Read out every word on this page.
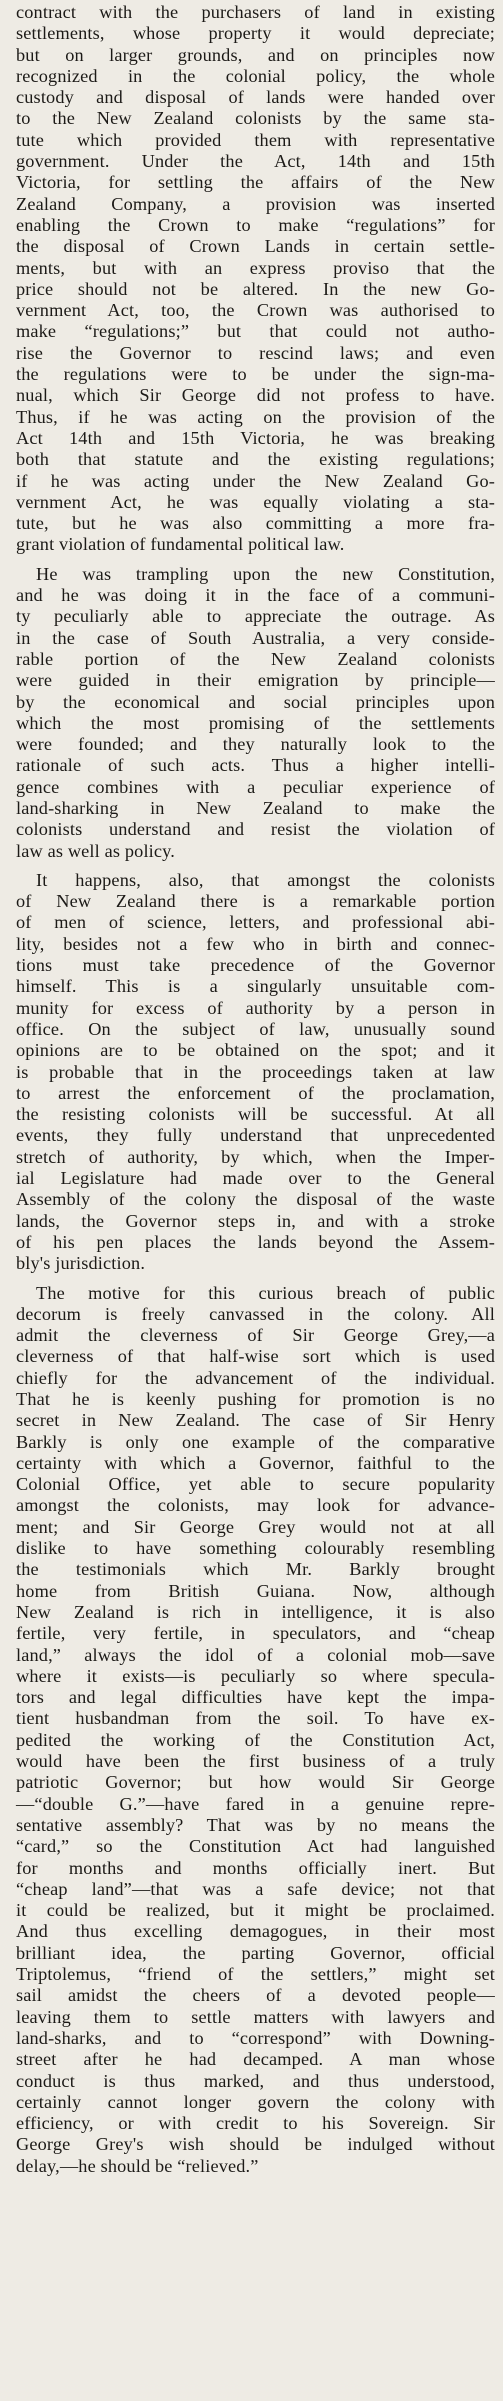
contract with the purchasers of land in existing
settlements, whose property it would depreciate;
but on larger grounds, and on principles now
recognized in the colonial policy, the whole
custody and disposal of lands were handed over
to the New Zealand colonists by the same sta-
tute which provided them with representative
government. Under the Act, 14th and 15th
Victoria, for settling the affairs of the New
Zealand Company, a provision was inserted
enabling the Crown to make “regulations” for
the disposal of Crown Lands in certain settle-
ments, but with an express proviso that the
price should not be altered. In the new Go-
vernment Act, too, the Crown was authorised to
make “regulations;” but that could not autho-
rise the Governor to rescind laws; and even
the regulations were to be under the sign-ma-
nual, which Sir George did not profess to have.
Thus, if he was acting on the provision of the
Act 14th and 15th Victoria, he was breaking
both that statute and the existing regulations;
if he was acting under the New Zealand Go-
vernment Act, he was equally violating a sta-
tute, but he was also committing a more fra-
grant violation of fundamental political law.
He was trampling upon the new Constitution,
and he was doing it in the face of a communi-
ty peculiarly able to appreciate the outrage. As
in the case of South Australia, a very conside-
rable portion of the New Zealand colonists
were guided in their emigration by principle—
by the economical and social principles upon
which the most promising of the settlements
were founded; and they naturally look to the
rationale of such acts. Thus a higher intelli-
gence combines with a peculiar experience of
land-sharking in New Zealand to make the
colonists understand and resist the violation of
law as well as policy.
It happens, also, that amongst the colonists
of New Zealand there is a remarkable portion
of men of science, letters, and professional abi-
lity, besides not a few who in birth and connec-
tions must take precedence of the Governor
himself. This is a singularly unsuitable com-
munity for excess of authority by a person in
office. On the subject of law, unusually sound
opinions are to be obtained on the spot; and it
is probable that in the proceedings taken at law
to arrest the enforcement of the proclamation,
the resisting colonists will be successful. At all
events, they fully understand that unprecedented
stretch of authority, by which, when the Imper-
ial Legislature had made over to the General
Assembly of the colony the disposal of the waste
lands, the Governor steps in, and with a stroke
of his pen places the lands beyond the Assem-
bly's jurisdiction.
The motive for this curious breach of public
decorum is freely canvassed in the colony. All
admit the cleverness of Sir George Grey,—a
cleverness of that half-wise sort which is used
chiefly for the advancement of the individual.
That he is keenly pushing for promotion is no
secret in New Zealand. The case of Sir Henry
Barkly is only one example of the comparative
certainty with which a Governor, faithful to the
Colonial Office, yet able to secure popularity
amongst the colonists, may look for advance-
ment; and Sir George Grey would not at all
dislike to have something colourably resembling
the testimonials which Mr. Barkly brought
home from British Guiana. Now, although
New Zealand is rich in intelligence, it is also
fertile, very fertile, in speculators, and “cheap
land,” always the idol of a colonial mob—save
where it exists—is peculiarly so where specula-
tors and legal difficulties have kept the impa-
tient husbandman from the soil. To have ex-
pedited the working of the Constitution Act,
would have been the first business of a truly
patriotic Governor; but how would Sir George
—“double G.”—have fared in a genuine repre-
sentative assembly? That was by no means the
“card,” so the Constitution Act had languished
for months and months officially inert. But
“cheap land”—that was a safe device; not that
it could be realized, but it might be proclaimed.
And thus excelling demagogues, in their most
brilliant idea, the parting Governor, official
Triptolemus, “friend of the settlers,” might set
sail amidst the cheers of a devoted people—
leaving them to settle matters with lawyers and
land-sharks, and to “correspond” with Downing-
street after he had decamped. A man whose
conduct is thus marked, and thus understood,
certainly cannot longer govern the colony with
efficiency, or with credit to his Sovereign. Sir
George Grey's wish should be indulged without
delay,—he should be “relieved.”
